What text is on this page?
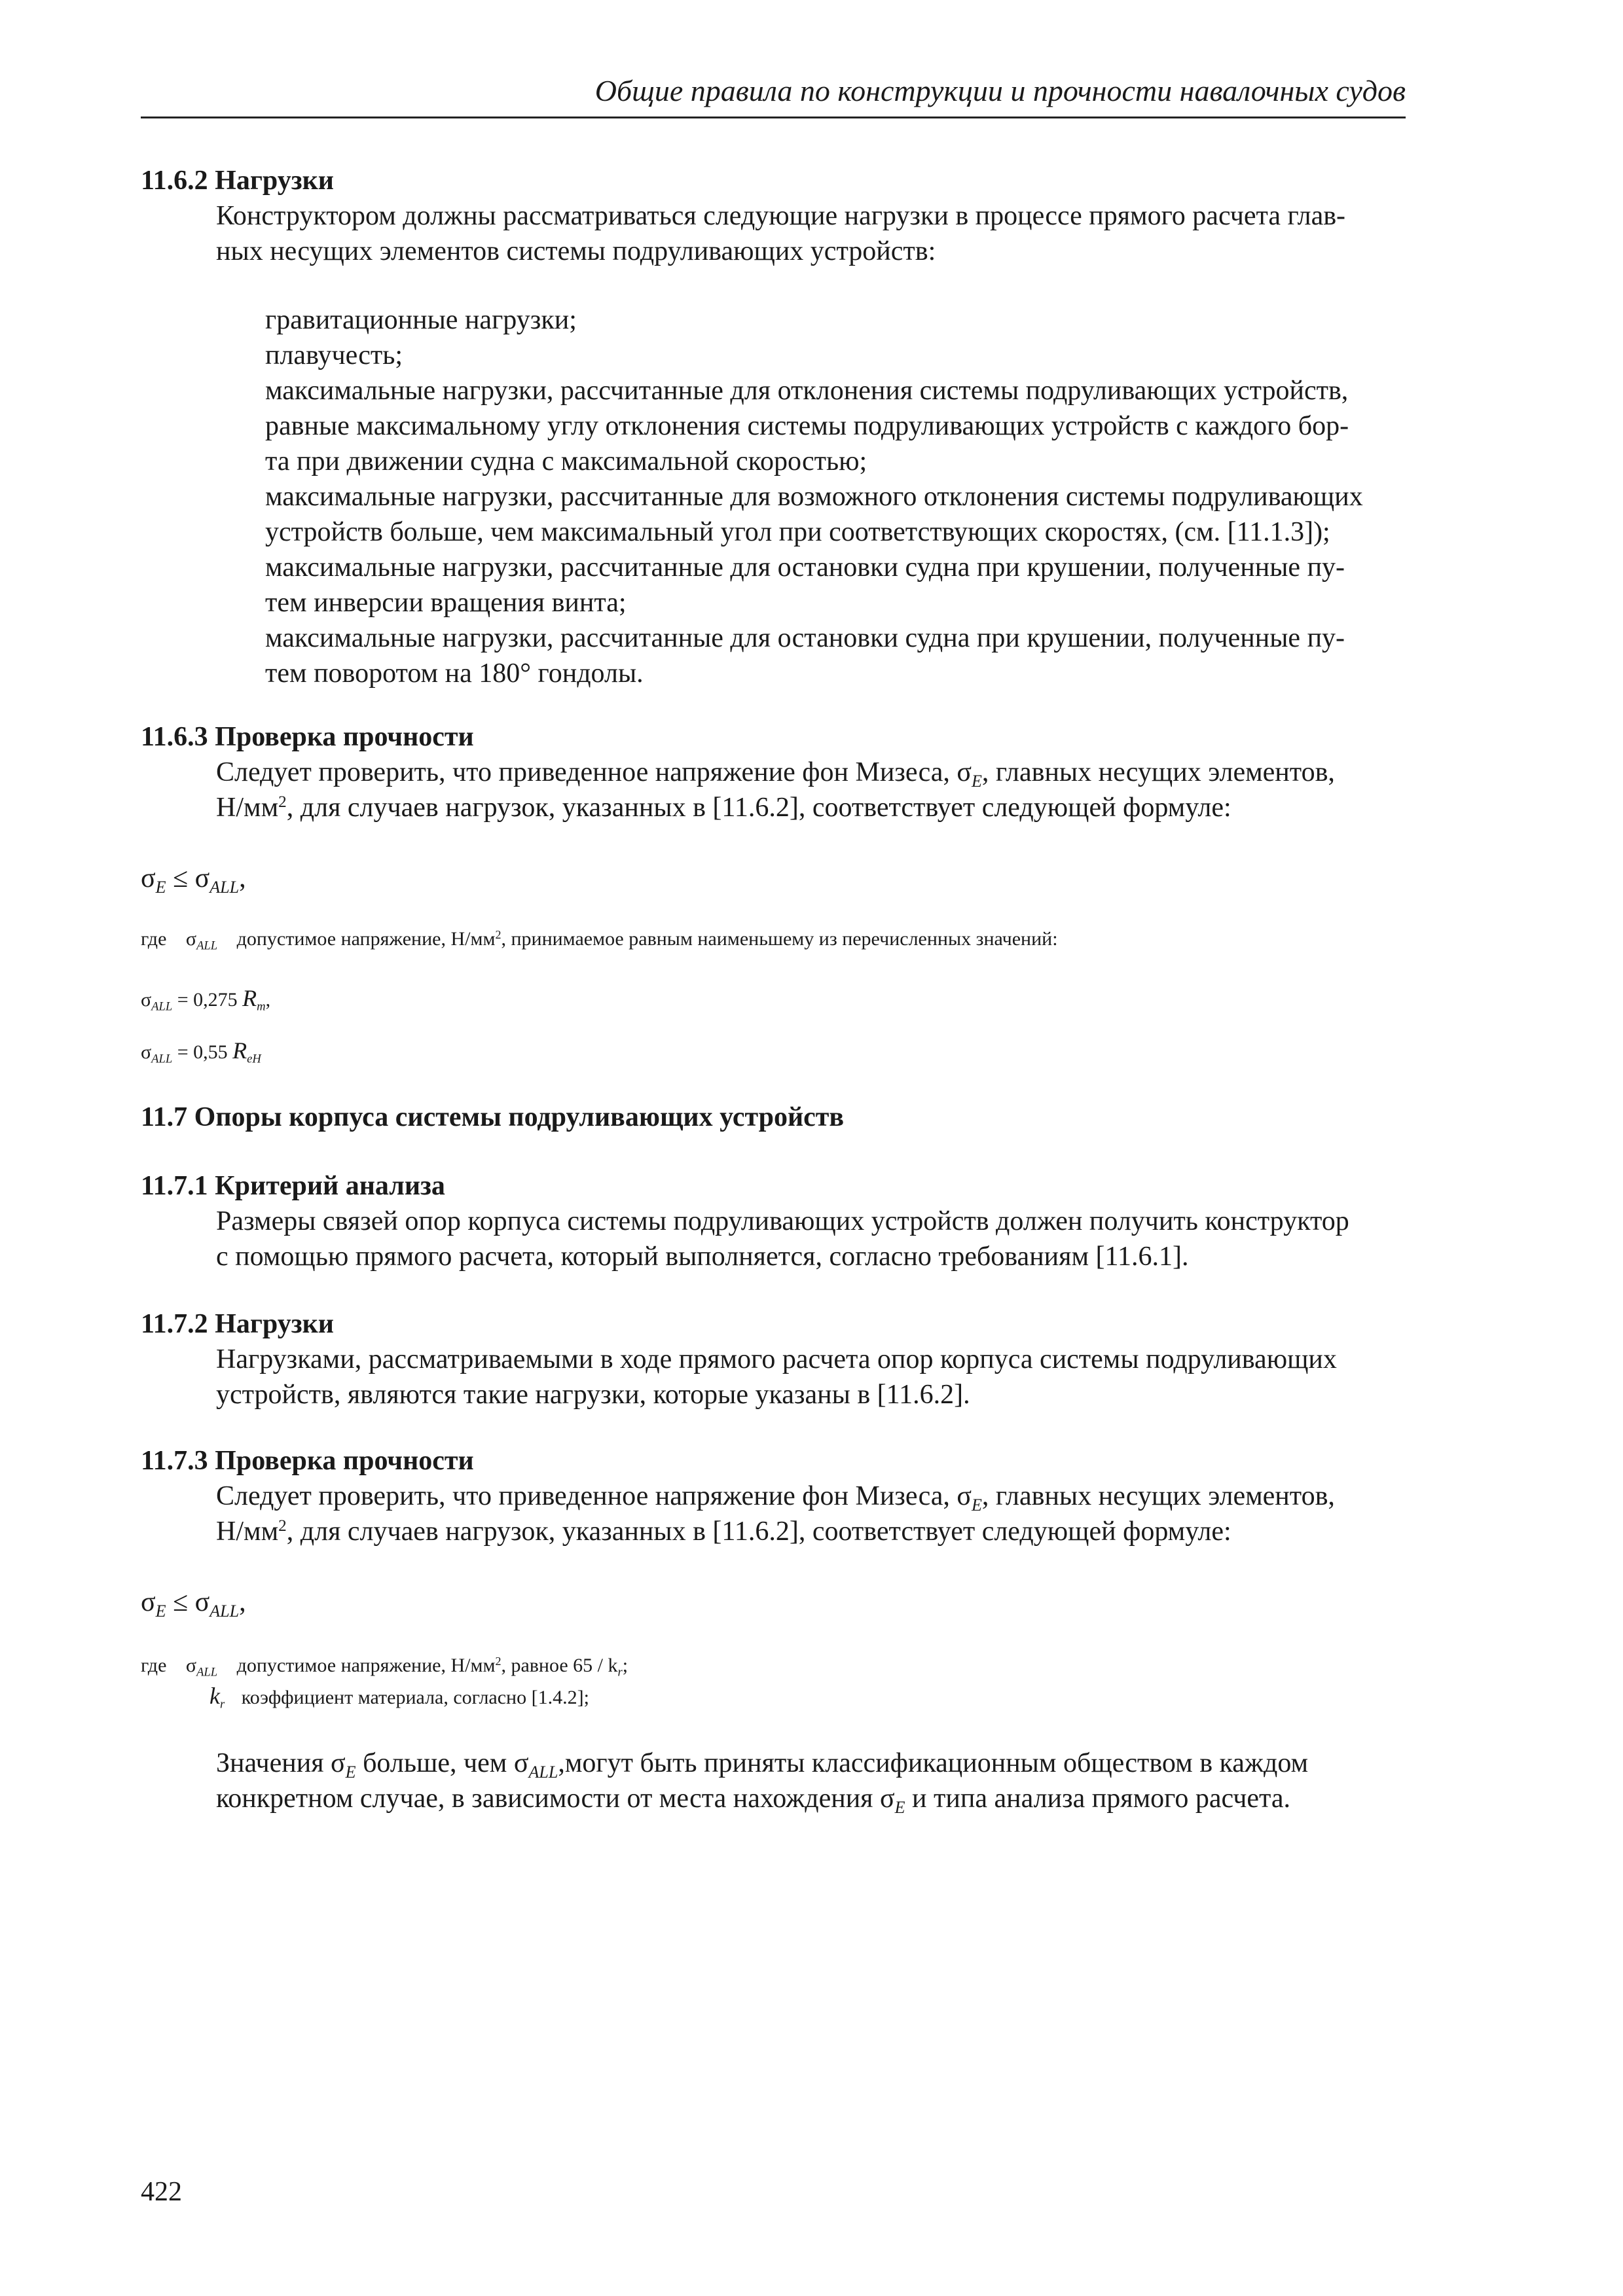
Общие правила по конструкции и прочности навалочных судов
11.6.2 Нагрузки
Конструктором должны рассматриваться следующие нагрузки в процессе прямого расчета глав-
ных несущих элементов системы подруливающих устройств:
гравитационные нагрузки;
плавучесть;
максимальные нагрузки, рассчитанные для отклонения системы подруливающих устройств,
равные максимальному углу отклонения системы подруливающих устройств с каждого бор-
та при движении судна с максимальной скоростью;
максимальные нагрузки, рассчитанные для возможного отклонения системы подруливающих
устройств больше, чем максимальный угол при соответствующих скоростях, (см. [11.1.3]);
максимальные нагрузки, рассчитанные для остановки судна при крушении, полученные пу-
тем инверсии вращения винта;
максимальные нагрузки, рассчитанные для остановки судна при крушении, полученные пу-
тем поворотом на 180° гондолы.
11.6.3 Проверка прочности
Следует проверить, что приведенное напряжение фон Мизеса, $\sigma_E$, главных несущих элементов,
$Н/мм^2$, для случаев нагрузок, указанных в [11.6.2], соответствует следующей формуле:
$\sigma_E \le \sigma_{ALL}$,
где $\sigma_{ALL}$ допустимое напряжение, $Н/мм^2$, принимаемое равным наименьшему из перечисленных значений:
$\sigma_{ALL} = 0,275$ $R_m$,
$\sigma_{ALL} = 0,55$ $R_{eH}$
11.7 Опоры корпуса системы подруливающих устройств
11.7.1 Критерий анализа
Размеры связей опор корпуса системы подруливающих устройств должен получить конструктор
с помощью прямого расчета, который выполняется, согласно требованиям [11.6.1].
11.7.2 Нагрузки
Нагрузками, рассматриваемыми в ходе прямого расчета опор корпуса системы подруливающих
устройств, являются такие нагрузки, которые указаны в [11.6.2].
11.7.3 Проверка прочности
Следует проверить, что приведенное напряжение фон Мизеса, $\sigma_E$, главных несущих элементов,
$Н/мм^2$, для случаев нагрузок, указанных в [11.6.2], соответствует следующей формуле:
$\sigma_E \le \sigma_{ALL}$,
где $\sigma_{ALL}$ допустимое напряжение, $Н/мм^2$, равное $65 / k_r$;
$k_r$ коэффициент материала, согласно [1.4.2];
Значения $\sigma_E$ больше, чем $\sigma_{ALL},могут$ быть приняты классификационным обществом в каждом
конкретном случае, в зависимости от места нахождения $\sigma_E$ и типа анализа прямого расчета.
422
